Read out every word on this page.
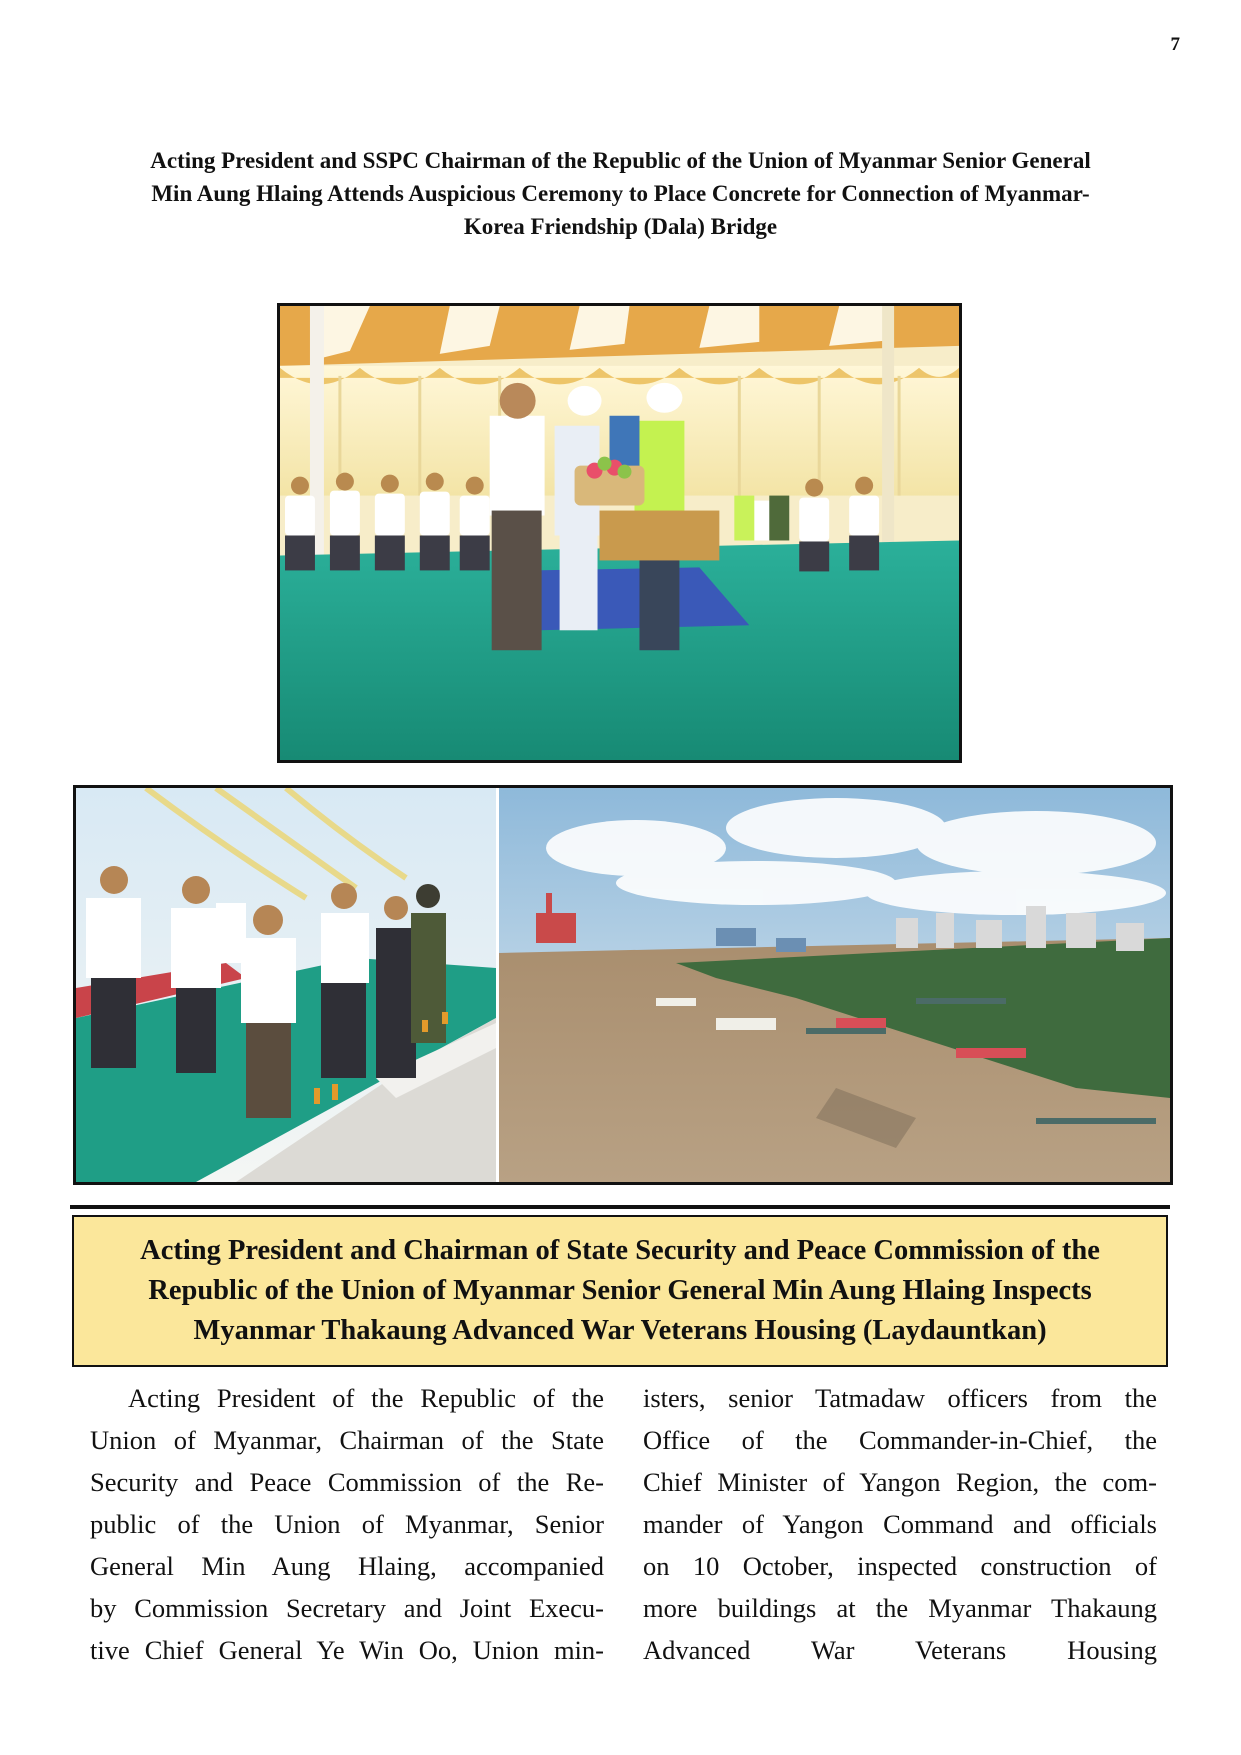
7
Acting President and SSPC Chairman of the Republic of the Union of Myanmar Senior General
Min Aung Hlaing Attends Auspicious Ceremony to Place Concrete for Connection of Myanmar-
Korea Friendship (Dala) Bridge
Acting President and Chairman of State Security and Peace Commission of the
Republic of the Union of Myanmar Senior General Min Aung Hlaing Inspects
Myanmar Thakaung Advanced War Veterans Housing (Laydauntkan)

Acting President of the Republic of the
Union of Myanmar, Chairman of the State
Security and Peace Commission of the Re-
public of the Union of Myanmar, Senior
General Min Aung Hlaing, accompanied
by Commission Secretary and Joint Execu-
tive Chief General Ye Win Oo, Union min-

isters, senior Tatmadaw officers from the
Office of the Commander-in-Chief, the
Chief Minister of Yangon Region, the com-
mander of Yangon Command and officials
on 10 October, inspected construction of
more buildings at the Myanmar Thakaung
Advanced War Veterans Housing
